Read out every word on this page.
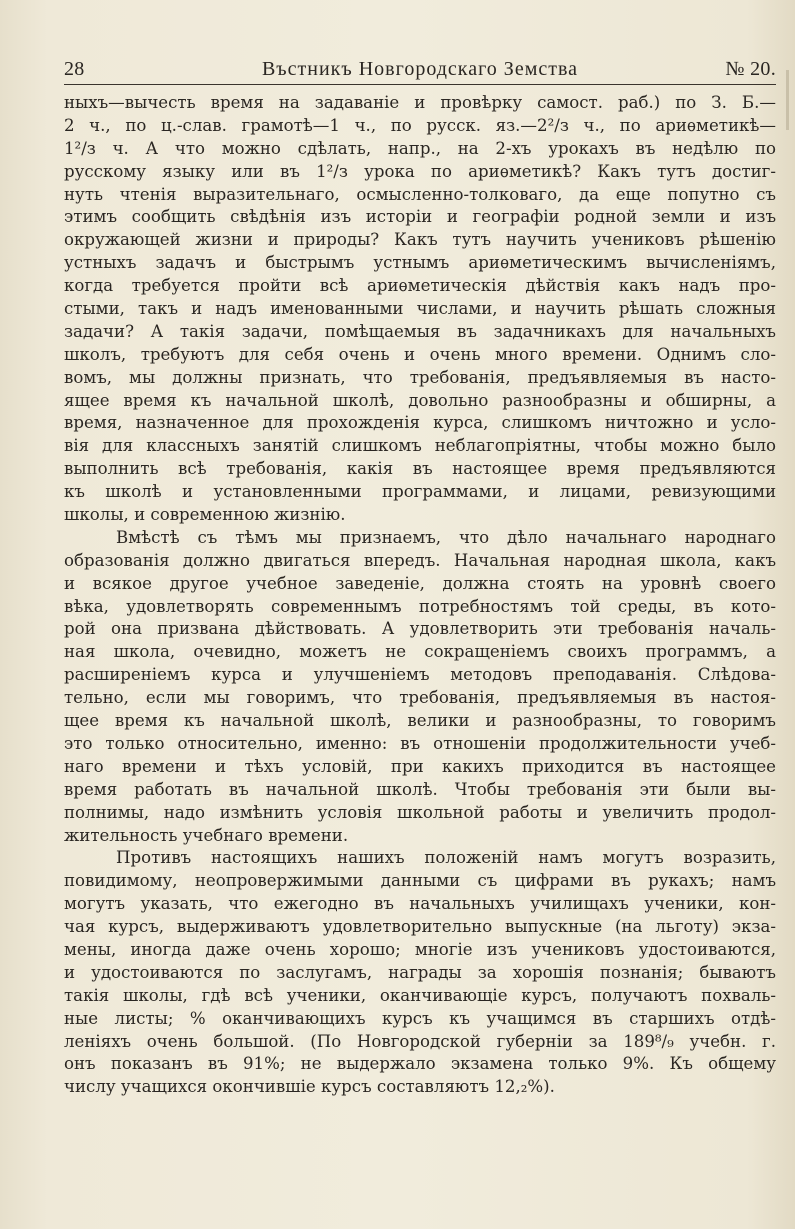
28	Въстникъ Новгородскаго Земства	№ 20.
ныхъ—вычесть время на задаваніе и провѣрку самост. раб.) по З. Б.—
2 ч., по ц.-слав. грамотѣ—1 ч., по русск. яз.—2²/з ч., по ариѳметикѣ—
1²/з ч. А что можно сдѣлать, напр., на 2-хъ урокахъ въ недѣлю по
русскому языку или въ 1²/з урока по ариѳметикѣ? Какъ тутъ достиг-
нуть чтенія выразительнаго, осмысленно-толковаго, да еще попутно съ
этимъ сообщить свѣдѣнія изъ исторіи и географіи родной земли и изъ
окружающей жизни и природы? Какъ тутъ научить учениковъ рѣшенію
устныхъ задачъ и быстрымъ устнымъ ариѳметическимъ вычисленіямъ,
когда требуется пройти всѣ ариѳметическія дѣйствія какъ надъ про-
стыми, такъ и надъ именованными числами, и научить рѣшать сложныя
задачи? А такія задачи, помѣщаемыя въ задачникахъ для начальныхъ
школъ, требуютъ для себя очень и очень много времени. Однимъ сло-
вомъ, мы должны признать, что требованія, предъявляемыя въ насто-
ящее время къ начальной школѣ, довольно разнообразны и обширны, а
время, назначенное для прохожденія курса, слишкомъ ничтожно и усло-
вія для классныхъ занятій слишкомъ неблагопріятны, чтобы можно было
выполнить всѣ требованія, какія въ настоящее время предъявляются
къ школѣ и установленными программами, и лицами, ревизующими
школы, и современною жизнію.
Вмѣстѣ съ тѣмъ мы признаемъ, что дѣло начальнаго народнаго
образованія должно двигаться впередъ. Начальная народная школа, какъ
и всякое другое учебное заведеніе, должна стоять на уровнѣ своего
вѣка, удовлетворять современнымъ потребностямъ той среды, въ кото-
рой она призвана дѣйствовать. А удовлетворить эти требованія началь-
ная школа, очевидно, можетъ не сокращеніемъ своихъ программъ, а
расширеніемъ курса и улучшеніемъ методовъ преподаванія. Слѣдова-
тельно, если мы говоримъ, что требованія, предъявляемыя въ настоя-
щее время къ начальной школѣ, велики и разнообразны, то говоримъ
это только относительно, именно: въ отношеніи продолжительности учеб-
наго времени и тѣхъ условій, при какихъ приходится въ настоящее
время работать въ начальной школѣ. Чтобы требованія эти были вы-
полнимы, надо измѣнить условія школьной работы и увеличить продол-
жительность учебнаго времени.
Противъ настоящихъ нашихъ положеній намъ могутъ возразить,
повидимому, неопровержимыми данными съ цифрами въ рукахъ; намъ
могутъ указать, что ежегодно въ начальныхъ училищахъ ученики, кон-
чая курсъ, выдерживаютъ удовлетворительно выпускные (на льготу) экза-
мены, иногда даже очень хорошо; многіе изъ учениковъ удостоиваются,
и удостоиваются по заслугамъ, награды за хорошія познанія; бываютъ
такія школы, гдѣ всѣ ученики, оканчивающіе курсъ, получаютъ похваль-
ные листы; % оканчивающихъ курсъ къ учащимся въ старшихъ отдѣ-
леніяхъ очень большой. (По Новгородской губерніи за 189⁸/₉ учебн. г.
онъ показанъ въ 91%; не выдержало экзамена только 9%. Къ общему
числу учащихся окончившіе курсъ составляютъ 12,₂%).
